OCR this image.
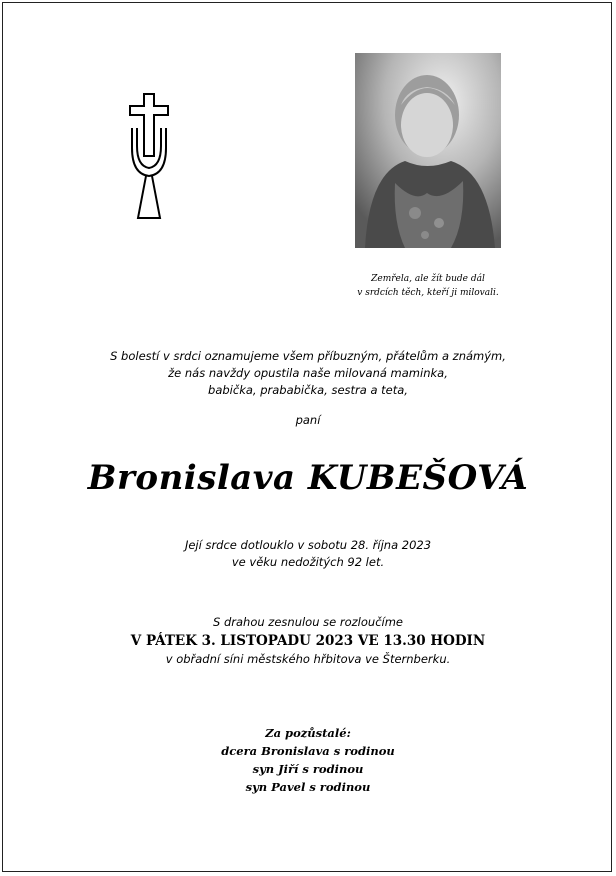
Zemřela, ale žít bude dál
v srdcích těch, kteří ji milovali.
S bolestí v srdci oznamujeme všem příbuzným, přátelům a známým,
že nás navždy opustila naše milovaná maminka,
babička, prababička, sestra a teta,
paní
Bronislava KUBEŠOVÁ
Její srdce dotlouklo v sobotu 28. října 2023
ve věku nedožitých 92 let.
S drahou zesnulou se rozloučíme
V PÁTEK 3. LISTOPADU 2023 VE 13.30 HODIN
v obřadní síni městského hřbitova ve Šternberku.
Za pozůstalé:
dcera Bronislava s rodinou
syn Jiří s rodinou
syn Pavel s rodinou
